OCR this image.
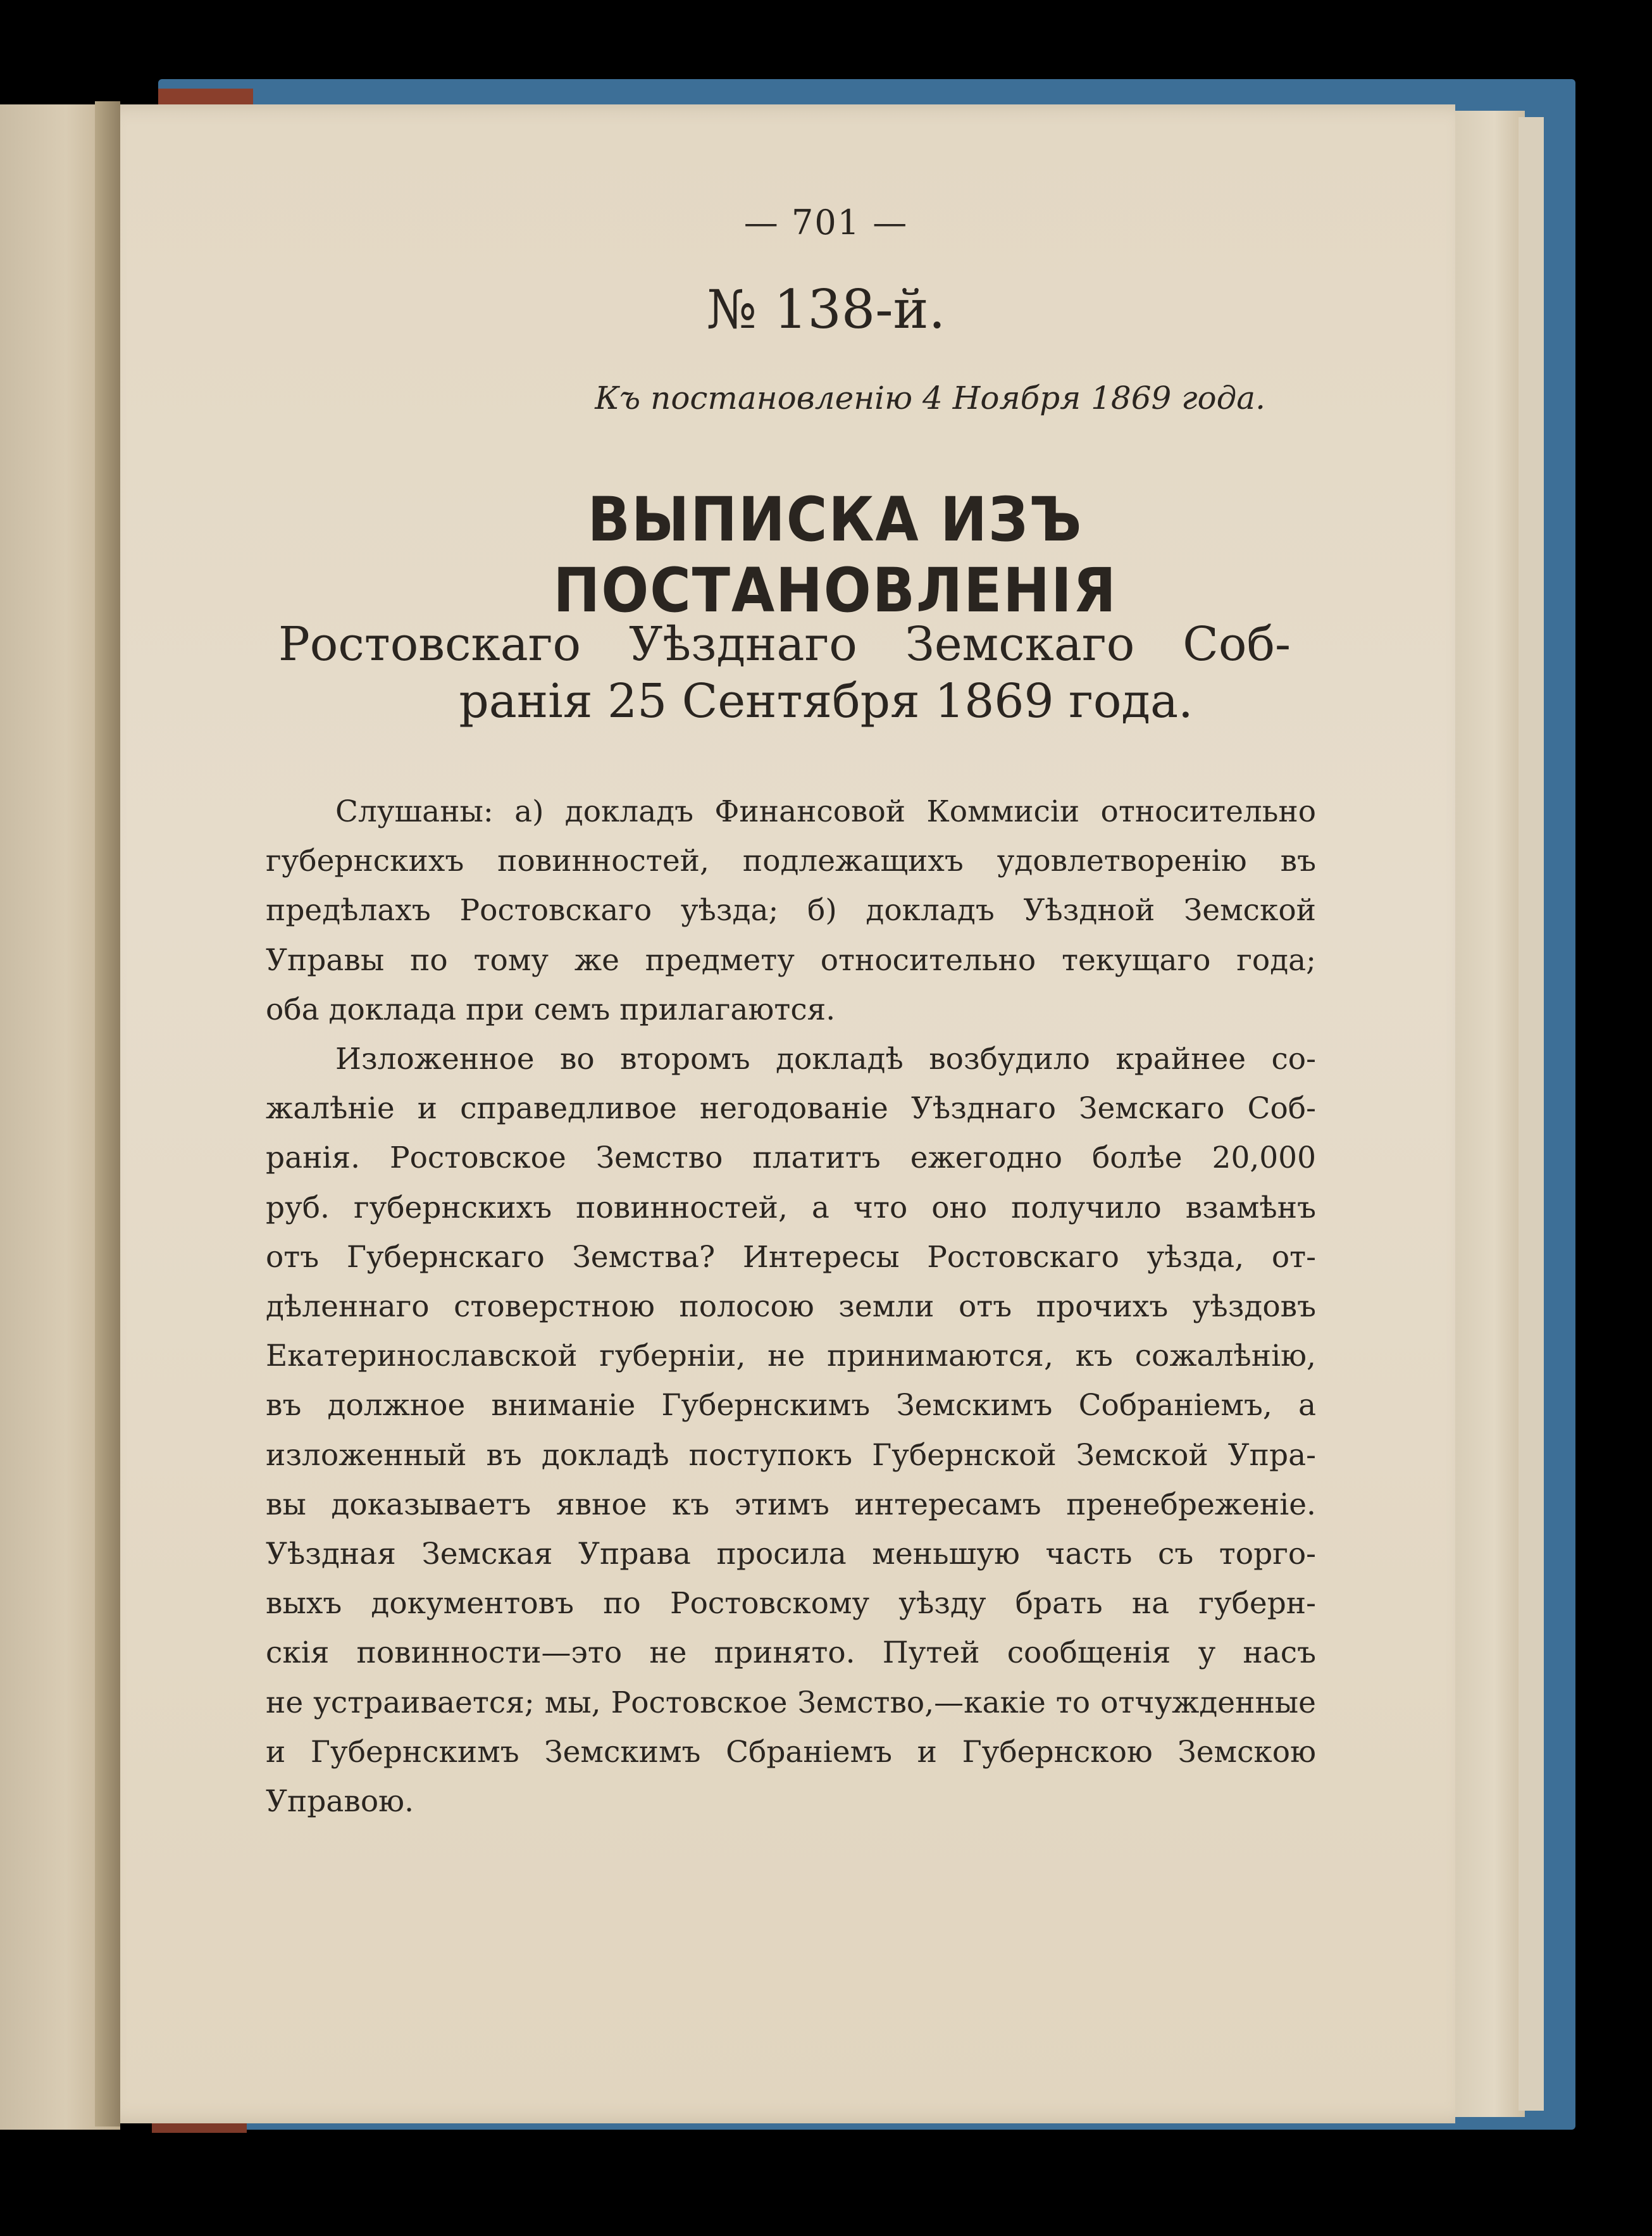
— 701 —
№ 138-й.
Къ постановленію 4 Ноября 1869 года.
ВЫПИСКА ИЗЪ ПОСТАНОВЛЕНІЯ
Ростовскаго Уѣзднаго Земскаго Соб-
ранія 25 Сентября 1869 года.
Слушаны: а) докладъ Финансовой Коммисіи относительно
губернскихъ повинностей, подлежащихъ удовлетворенію въ
предѣлахъ Ростовскаго уѣзда; б) докладъ Уѣздной Земской
Управы по тому же предмету относительно текущаго года;
оба доклада при семъ прилагаются.
Изложенное во второмъ докладѣ возбудило крайнее со-
жалѣніе и справедливое негодованіе Уѣзднаго Земскаго Соб-
ранія. Ростовское Земство платитъ ежегодно болѣе 20,000
руб. губернскихъ повинностей, а что оно получило взамѣнъ
отъ Губернскаго Земства? Интересы Ростовскаго уѣзда, от-
дѣленнаго стоверстною полосою земли отъ прочихъ уѣздовъ
Екатеринославской губерніи, не принимаются, къ сожалѣнію,
въ должное вниманіе Губернскимъ Земскимъ Собраніемъ, а
изложенный въ докладѣ поступокъ Губернской Земской Упра-
вы доказываетъ явное къ этимъ интересамъ пренебреженіе.
Уѣздная Земская Управа просила меньшую часть съ торго-
выхъ документовъ по Ростовскому уѣзду брать на губерн-
скія повинности—это не принято. Путей сообщенія у насъ
не устраивается; мы, Ростовское Земство,—какіе то отчужденные
и Губернскимъ Земскимъ Сбраніемъ и Губернскою Земскою
Управою.
